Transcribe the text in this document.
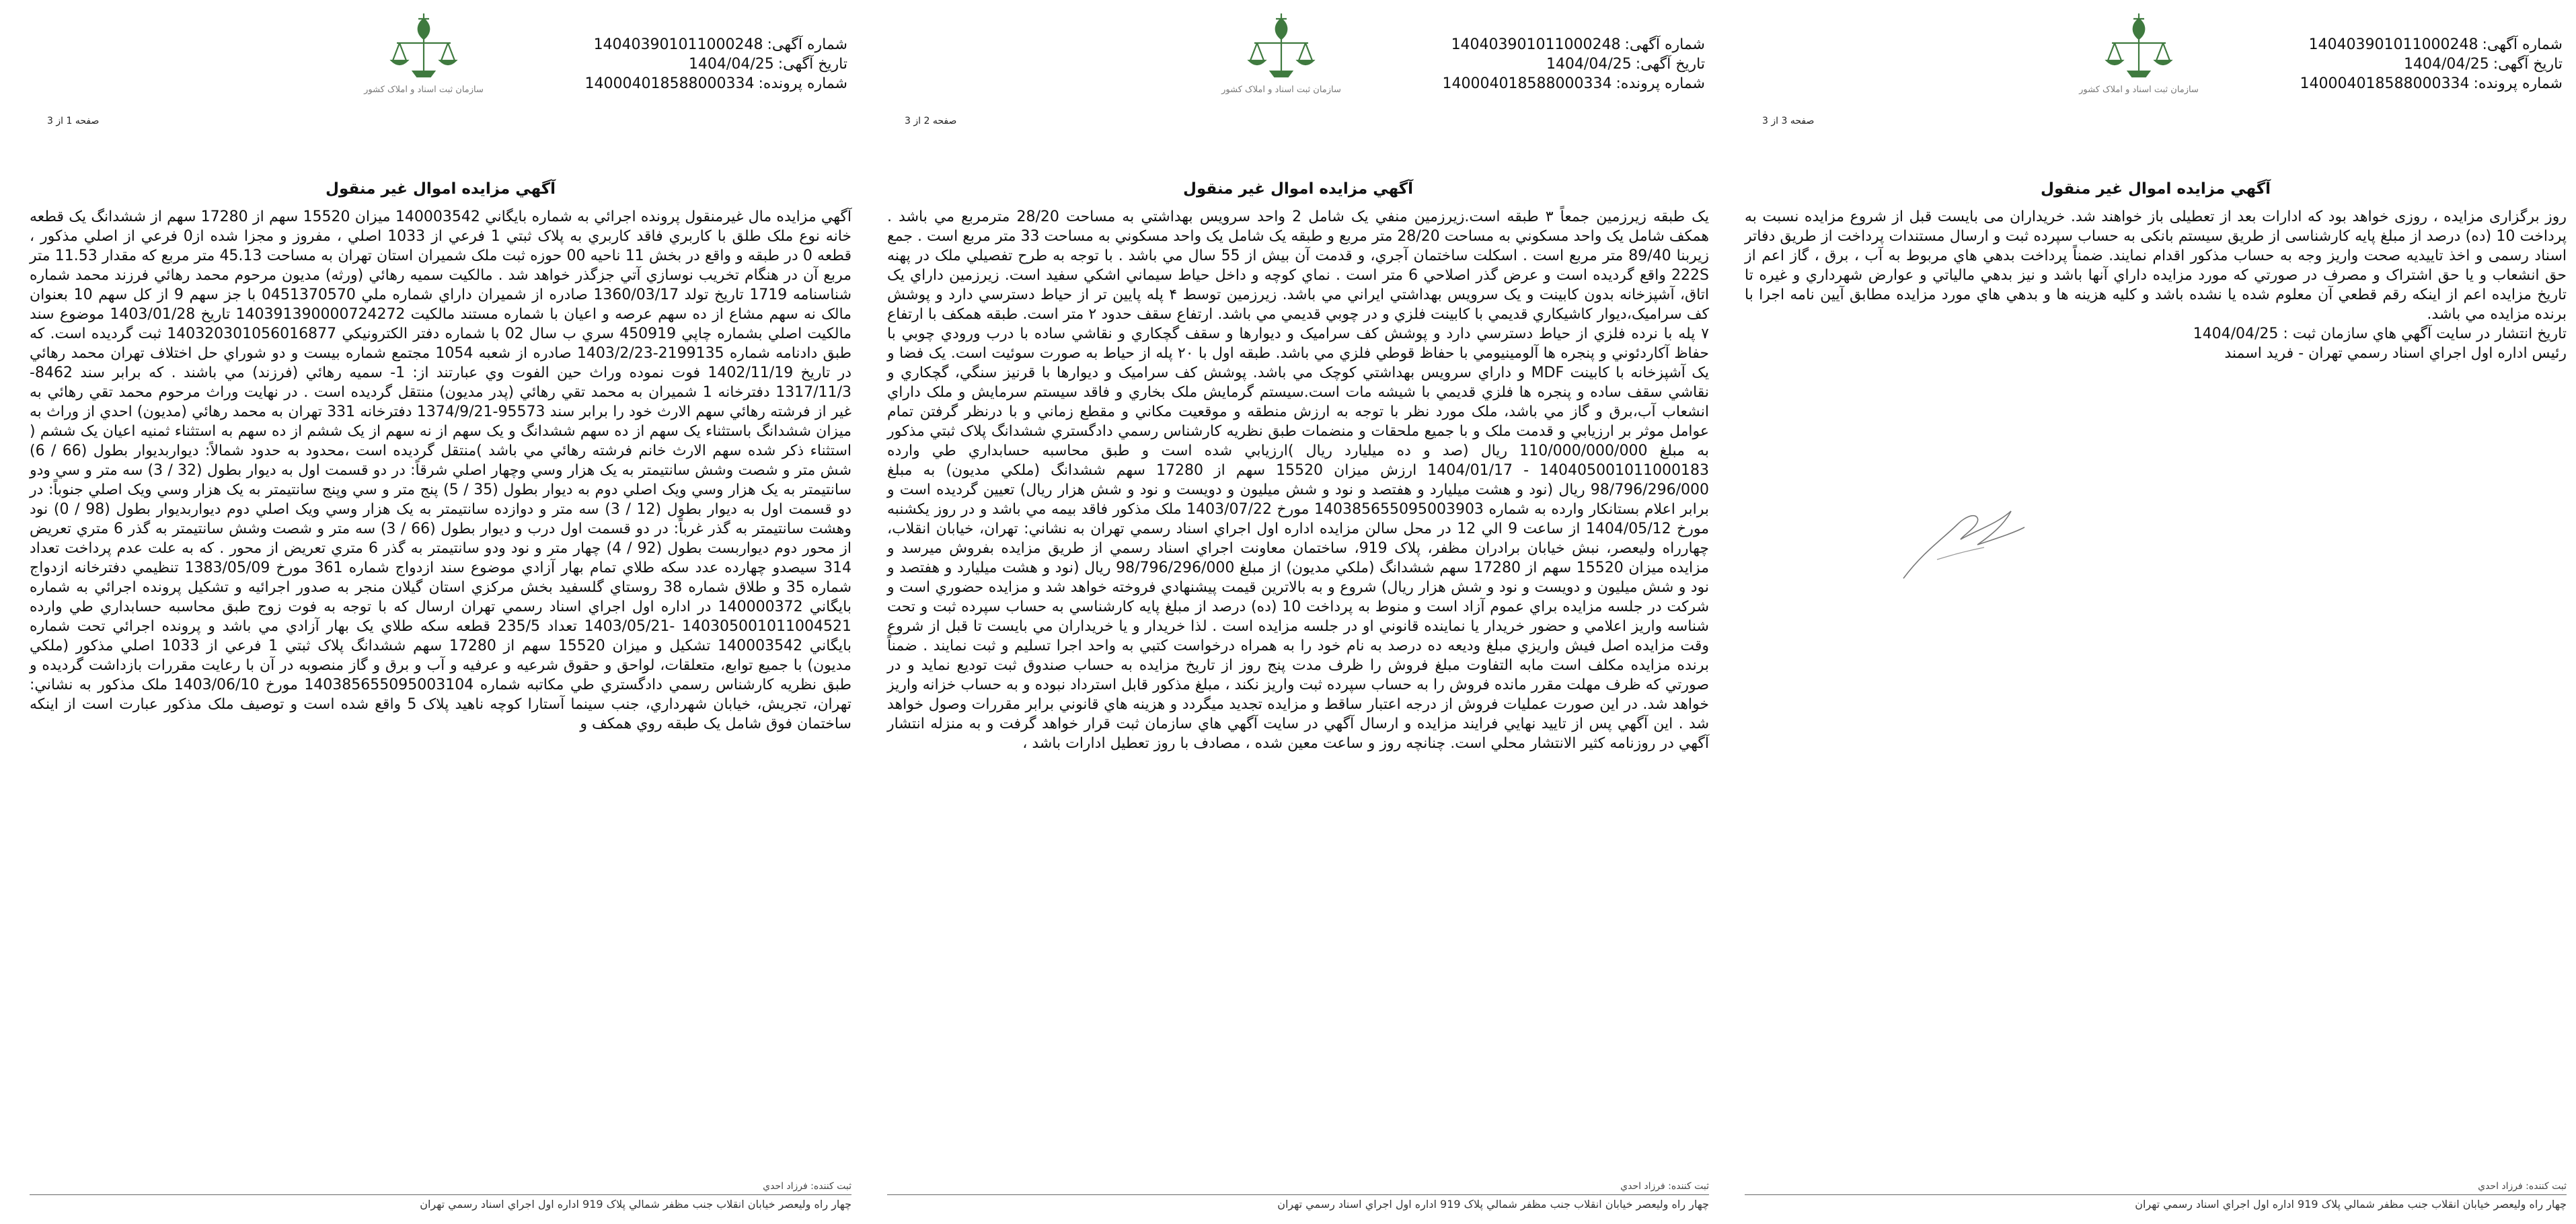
سازمان ثبت اسناد و املاک کشور
شماره آگهی:140403901011000248
تاریخ آگهی:1404/04/25
شماره پرونده:140004018588000334
صفحه 3 از 3
آگهي مزايده اموال غير منقول

روز برگزاری مزایده ، روزی خواهد بود که ادارات بعد از تعطیلی باز خواهند شد. خریداران می بایست قبل از شروع مزایده نسبت به پرداخت 10 (ده) درصد از مبلغ پایه کارشناسی از طریق سیستم بانکی به حساب سپرده ثبت و ارسال مستندات پرداخت از طریق دفاتر اسناد رسمی و اخذ تاییدیه صحت واریز وجه به حساب مذکور اقدام نمایند. ضمناً پرداخت بدهي هاي مربوط به آب ، برق ، گاز اعم از حق انشعاب و یا حق اشتراک و مصرف در صورتي که مورد مزايده داراي آنها باشد و نيز بدهي مالياتي و عوارض شهرداري و غيره تا تاريخ مزايده اعم از اينکه رقم قطعي آن معلوم شده يا نشده باشد و کليه هزينه ها و بدهي هاي مورد مزايده مطابق آيين نامه اجرا با برنده مزايده مي باشد.

تاريخ انتشار در سايت آگهي هاي سازمان ثبت : 1404/04/25

رئيس اداره اول اجراي اسناد رسمي تهران - فريد اسمند

ثبت کننده: فرزاد احدي
چهار راه وليعصر خيابان انقلاب جنب مظفر شمالي پلاک 919 اداره اول اجراي اسناد رسمي تهران
سازمان ثبت اسناد و املاک کشور
شماره آگهی:140403901011000248
تاریخ آگهی:1404/04/25
شماره پرونده:140004018588000334
صفحه 2 از 3
آگهي مزايده اموال غير منقول

يک طبقه زيرزمين جمعاً ٣ طبقه است.زيرزمين منفي يک شامل 2 واحد سرويس بهداشتي به مساحت 28/20 مترمربع مي باشد . همکف شامل يک واحد مسکوني به مساحت 28/20 متر مربع و طبقه يک شامل يک واحد مسکوني به مساحت 33 متر مربع است . جمع زيربنا 89/40 متر مربع است . اسکلت ساختمان آجري، و قدمت آن بيش از 55 سال مي باشد . با توجه به طرح تفصيلي ملک در پهنه 222S واقع گرديده است و عرض گذر اصلاحي 6 متر است . نماي کوچه و داخل حياط سيماني اشکي سفيد است. زيرزمين داراي يک اتاق، آشپزخانه بدون کابينت و يک سرويس بهداشتي ايراني مي باشد. زيرزمين توسط ۴ پله پايين تر از حياط دسترسي دارد و پوشش کف سراميک،ديوار کاشيکاري قديمي با کابينت فلزي و در چوبي قديمي مي باشد. ارتفاع سقف حدود ٢ متر است. طبقه همکف با ارتفاع ٧ پله با نرده فلزي از حياط دسترسي دارد و پوشش کف سراميک و ديوارها و سقف گچکاري و نقاشي ساده با درب ورودي چوبي با حفاظ آکاردئوني و پنجره ها آلومينيومي با حفاظ قوطي فلزي مي باشد. طبقه اول با ٢٠ پله از حياط به صورت سوئيت است. يک فضا و يک آشپزخانه با کابينت MDF و داراي سرويس بهداشتي کوچک مي باشد. پوشش کف سراميک و ديوارها با قرنيز سنگي، گچکاري و نقاشي سقف ساده و پنجره ها فلزي قديمي با شيشه مات است.سيستم گرمايش ملک بخاري و فاقد سيستم سرمايش و ملک داراي انشعاب آب،برق و گاز مي باشد، ملک مورد نظر با توجه به ارزش منطقه و موقعيت مکاني و مقطع زماني و با درنظر گرفتن تمام عوامل موثر بر ارزيابي و قدمت ملک و با جميع ملحقات و منضمات طبق نظريه کارشناس رسمي دادگستري ششدانگ پلاک ثبتي مذکور به مبلغ 110/000/000/000 ريال (صد و ده ميليارد ريال )ارزيابي شده است و طبق محاسبه حسابداري طي وارده 140405001011000183 - 1404/01/17 ارزش ميزان 15520 سهم از 17280 سهم ششدانگ (ملکي مديون) به مبلغ 98/796/296/000 ريال (نود و هشت ميليارد و هفتصد و نود و شش ميليون و دويست و نود و شش هزار ريال) تعيين گرديده است و برابر اعلام بستانکار وارده به شماره 140385655095003903 مورخ 1403/07/22 ملک مذکور فاقد بيمه مي باشد و در روز يکشنبه مورخ 1404/05/12 از ساعت 9 الي 12 در محل سالن مزايده اداره اول اجراي اسناد رسمي تهران به نشاني: تهران، خيابان انقلاب، چهارراه وليعصر، نبش خيابان برادران مظفر، پلاک 919، ساختمان معاونت اجراي اسناد رسمي از طريق مزايده بفروش ميرسد و مزايده ميزان 15520 سهم از 17280 سهم ششدانگ (ملکي مديون) از مبلغ 98/796/296/000 ريال (نود و هشت ميليارد و هفتصد و نود و شش ميليون و دويست و نود و شش هزار ريال) شروع و به بالاترين قيمت پيشنهادي فروخته خواهد شد و مزايده حضوري است و شرکت در جلسه مزايده براي عموم آزاد است و منوط به پرداخت 10 (ده) درصد از مبلغ پايه کارشناسي به حساب سپرده ثبت و تحت شناسه واريز اعلامي و حضور خريدار يا نماينده قانوني او در جلسه مزايده است . لذا خريدار و يا خريداران مي بايست تا قبل از شروع وقت مزايده اصل فيش واريزي مبلغ وديعه ده درصد به نام خود را به همراه درخواست کتبي به واحد اجرا تسليم و ثبت نمايند . ضمناً برنده مزايده مکلف است مابه التفاوت مبلغ فروش را ظرف مدت پنج روز از تاريخ مزايده به حساب صندوق ثبت توديع نمايد و در صورتي که ظرف مهلت مقرر مانده فروش را به حساب سپرده ثبت واريز نکند ، مبلغ مذکور قابل استرداد نبوده و به حساب خزانه واريز خواهد شد. در اين صورت عمليات فروش از درجه اعتبار ساقط و مزايده تجديد ميگردد و هزينه هاي قانوني برابر مقررات وصول خواهد شد . اين آگهي پس از تاييد نهايي فرايند مزايده و ارسال آگهي در سايت آگهي هاي سازمان ثبت قرار خواهد گرفت و به منزله انتشار آگهي در روزنامه کثير الانتشار محلي است. چنانچه روز و ساعت معين شده ، مصادف با روز تعطيل ادارات باشد ،

ثبت کننده: فرزاد احدي
چهار راه وليعصر خيابان انقلاب جنب مظفر شمالي پلاک 919 اداره اول اجراي اسناد رسمي تهران
سازمان ثبت اسناد و املاک کشور
شماره آگهی:140403901011000248
تاریخ آگهی:1404/04/25
شماره پرونده:140004018588000334
صفحه 1 از 3
آگهي مزايده اموال غير منقول

آگهي مزايده مال غيرمنقول پرونده اجرائي به شماره بايگاني 140003542 ميزان 15520 سهم از 17280 سهم از ششدانگ يک قطعه خانه نوع ملک طلق با کاربري فاقد کاربري به پلاک ثبتي 1 فرعي از 1033 اصلي ، مفروز و مجزا شده از0 فرعي از اصلي مذکور ، قطعه 0 در طبقه و واقع در بخش 11 ناحيه 00 حوزه ثبت ملک شميران استان تهران به مساحت 45.13 متر مربع که مقدار 11.53 متر مربع آن در هنگام تخريب نوسازي آتي جزگذر خواهد شد . مالکيت سميه رهائي (ورثه) مديون مرحوم محمد رهائي فرزند محمد شماره شناسنامه 1719 تاريخ تولد 1360/03/17 صادره از شميران داراي شماره ملي 0451370570 با جز سهم 9 از کل سهم 10 بعنوان مالک نه سهم مشاع از ده سهم عرصه و اعيان با شماره مستند مالکيت 140391390000724272 تاريخ 1403/01/28 موضوع سند مالکيت اصلي بشماره چاپي 450919 سري ب سال 02 با شماره دفتر الکترونيکي 140320301056016877 ثبت گرديده است. که طبق دادنامه شماره 2199135-1403/2/23 صادره از شعبه 1054 مجتمع شماره بيست و دو شوراي حل اختلاف تهران محمد رهائي در تاريخ 1402/11/19 فوت نموده وراث حين الفوت وي عبارتند از: 1- سميه رهائي (فرزند) مي باشند . که برابر سند 8462-1317/11/3 دفترخانه 1 شميران به محمد تقي رهائي (پدر مديون) منتقل گرديده است . در نهايت وراث مرحوم محمد تقي رهائي به غير از فرشته رهائي سهم الارث خود را برابر سند 95573-1374/9/21 دفترخانه 331 تهران به محمد رهائي (مديون) احدي از وراث به ميزان ششدانگ باستثناء يک سهم از ده سهم ششدانگ و يک سهم از نه سهم از يک ششم از ده سهم به استثناء ثمنيه اعيان يک ششم ( استثناء ذکر شده سهم الارث خانم فرشته رهائي مي باشد )منتقل گرديده است ،محدود به حدود شمالاً: ديواربديوار بطول (66 / 6) شش متر و شصت وشش سانتيمتر به يک هزار وسي وچهار اصلي شرقاً: در دو قسمت اول به ديوار بطول (32 / 3) سه متر و سي ودو سانتيمتر به يک هزار وسي ويک اصلي دوم به ديوار بطول (35 / 5) پنج متر و سي وپنج سانتيمتر به يک هزار وسي ويک اصلي جنوباً: در دو قسمت اول به ديوار بطول (12 / 3) سه متر و دوازده سانتيمتر به يک هزار وسي ويک اصلي دوم ديواربديوار بطول (98 / 0) نود وهشت سانتيمتر به گذر غرباً: در دو قسمت اول درب و ديوار بطول (66 / 3) سه متر و شصت وشش سانتيمتر به گذر 6 متري تعريض از محور دوم ديواربست بطول (92 / 4) چهار متر و نود ودو سانتيمتر به گذر 6 متري تعريض از محور . که به علت عدم پرداخت تعداد 314 سيصدو چهارده عدد سکه طلاي تمام بهار آزادي موضوع سند ازدواج شماره 361 مورخ 1383/05/09 تنظيمي دفترخانه ازدواج شماره 35 و طلاق شماره 38 روستاي گلسفيد بخش مرکزي استان گيلان منجر به صدور اجرائيه و تشکيل پرونده اجرائي به شماره بايگاني 140000372 در اداره اول اجراي اسناد رسمي تهران ارسال که با توجه به فوت زوج طبق محاسبه حسابداري طي وارده 140305001011004521 -1403/05/21 تعداد 235/5 قطعه سکه طلاي يک بهار آزادي مي باشد و پرونده اجرائي تحت شماره بايگاني 140003542 تشکيل و ميزان 15520 سهم از 17280 سهم ششدانگ پلاک ثبتي 1 فرعي از 1033 اصلي مذکور (ملکي مديون) با جميع توابع، متعلقات، لواحق و حقوق شرعيه و عرفيه و آب و برق و گاز منصوبه در آن با رعايت مقررات بازداشت گرديده و طبق نظريه کارشناس رسمي دادگستري طي مکاتبه شماره 140385655095003104 مورخ 1403/06/10 ملک مذکور به نشاني: تهران، تجريش، خيابان شهرداري، جنب سينما آستارا کوچه ناهيد پلاک 5 واقع شده است و توصيف ملک مذکور عبارت است از اينکه ساختمان فوق شامل يک طبقه روي همکف و

ثبت کننده: فرزاد احدي
چهار راه وليعصر خيابان انقلاب جنب مظفر شمالي پلاک 919 اداره اول اجراي اسناد رسمي تهران
